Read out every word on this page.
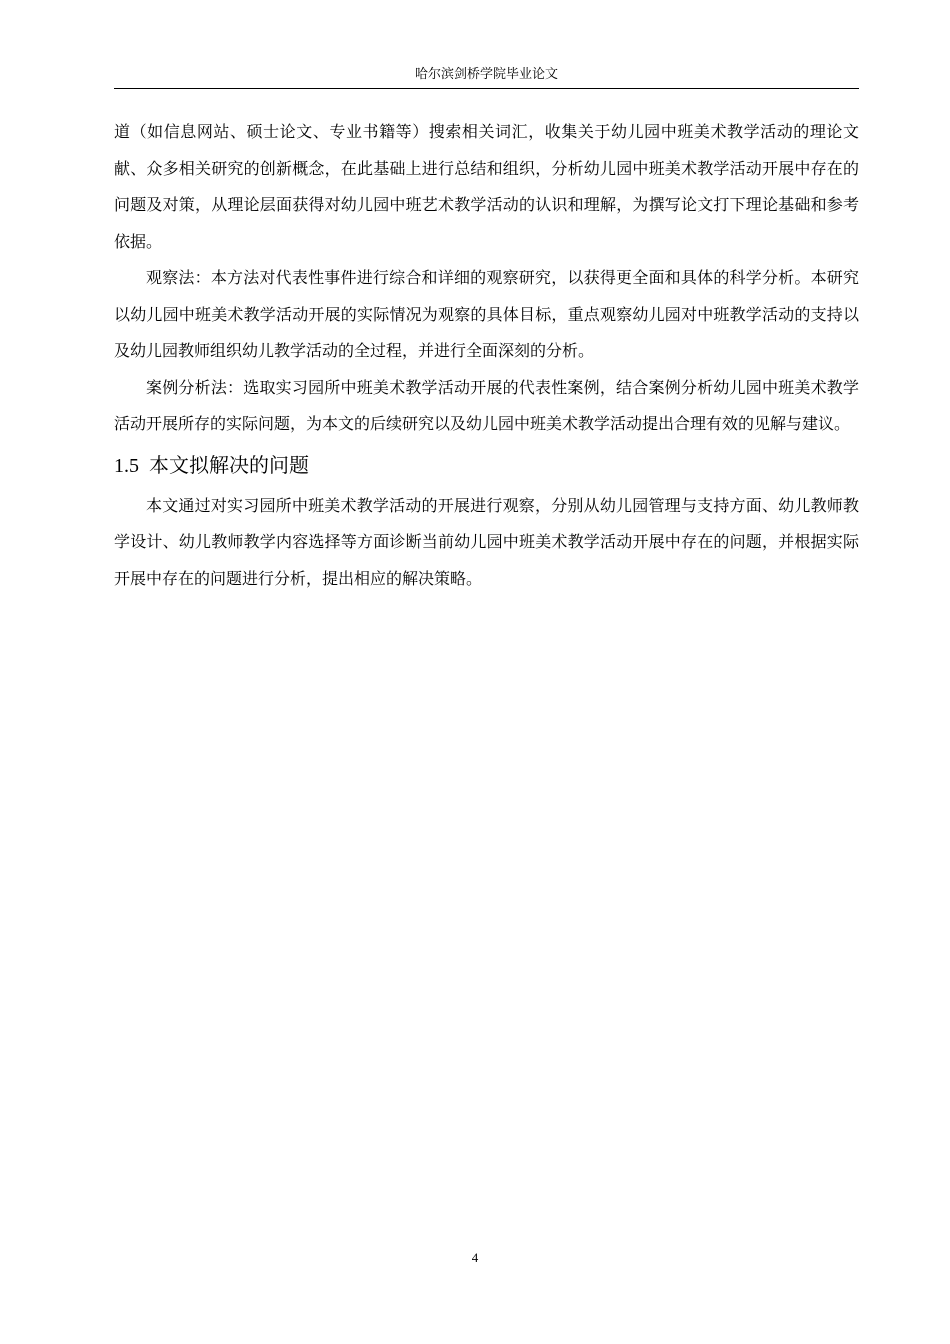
哈尔滨剑桥学院毕业论文

道（如信息网站、硕士论文、专业书籍等）搜索相关词汇，收集关于幼儿园中班美术教学活动的理论文献、众多相关研究的创新概念，在此基础上进行总结和组织，分析幼儿园中班美术教学活动开展中存在的问题及对策，从理论层面获得对幼儿园中班艺术教学活动的认识和理解，为撰写论文打下理论基础和参考依据。

观察法：本方法对代表性事件进行综合和详细的观察研究，以获得更全面和具体的科学分析。本研究以幼儿园中班美术教学活动开展的实际情况为观察的具体目标，重点观察幼儿园对中班教学活动的支持以及幼儿园教师组织幼儿教学活动的全过程，并进行全面深刻的分析。

案例分析法：选取实习园所中班美术教学活动开展的代表性案例，结合案例分析幼儿园中班美术教学活动开展所存的实际问题，为本文的后续研究以及幼儿园中班美术教学活动提出合理有效的见解与建议。

1.5 本文拟解决的问题

本文通过对实习园所中班美术教学活动的开展进行观察，分别从幼儿园管理与支持方面、幼儿教师教学设计、幼儿教师教学内容选择等方面诊断当前幼儿园中班美术教学活动开展中存在的问题，并根据实际开展中存在的问题进行分析，提出相应的解决策略。

4
